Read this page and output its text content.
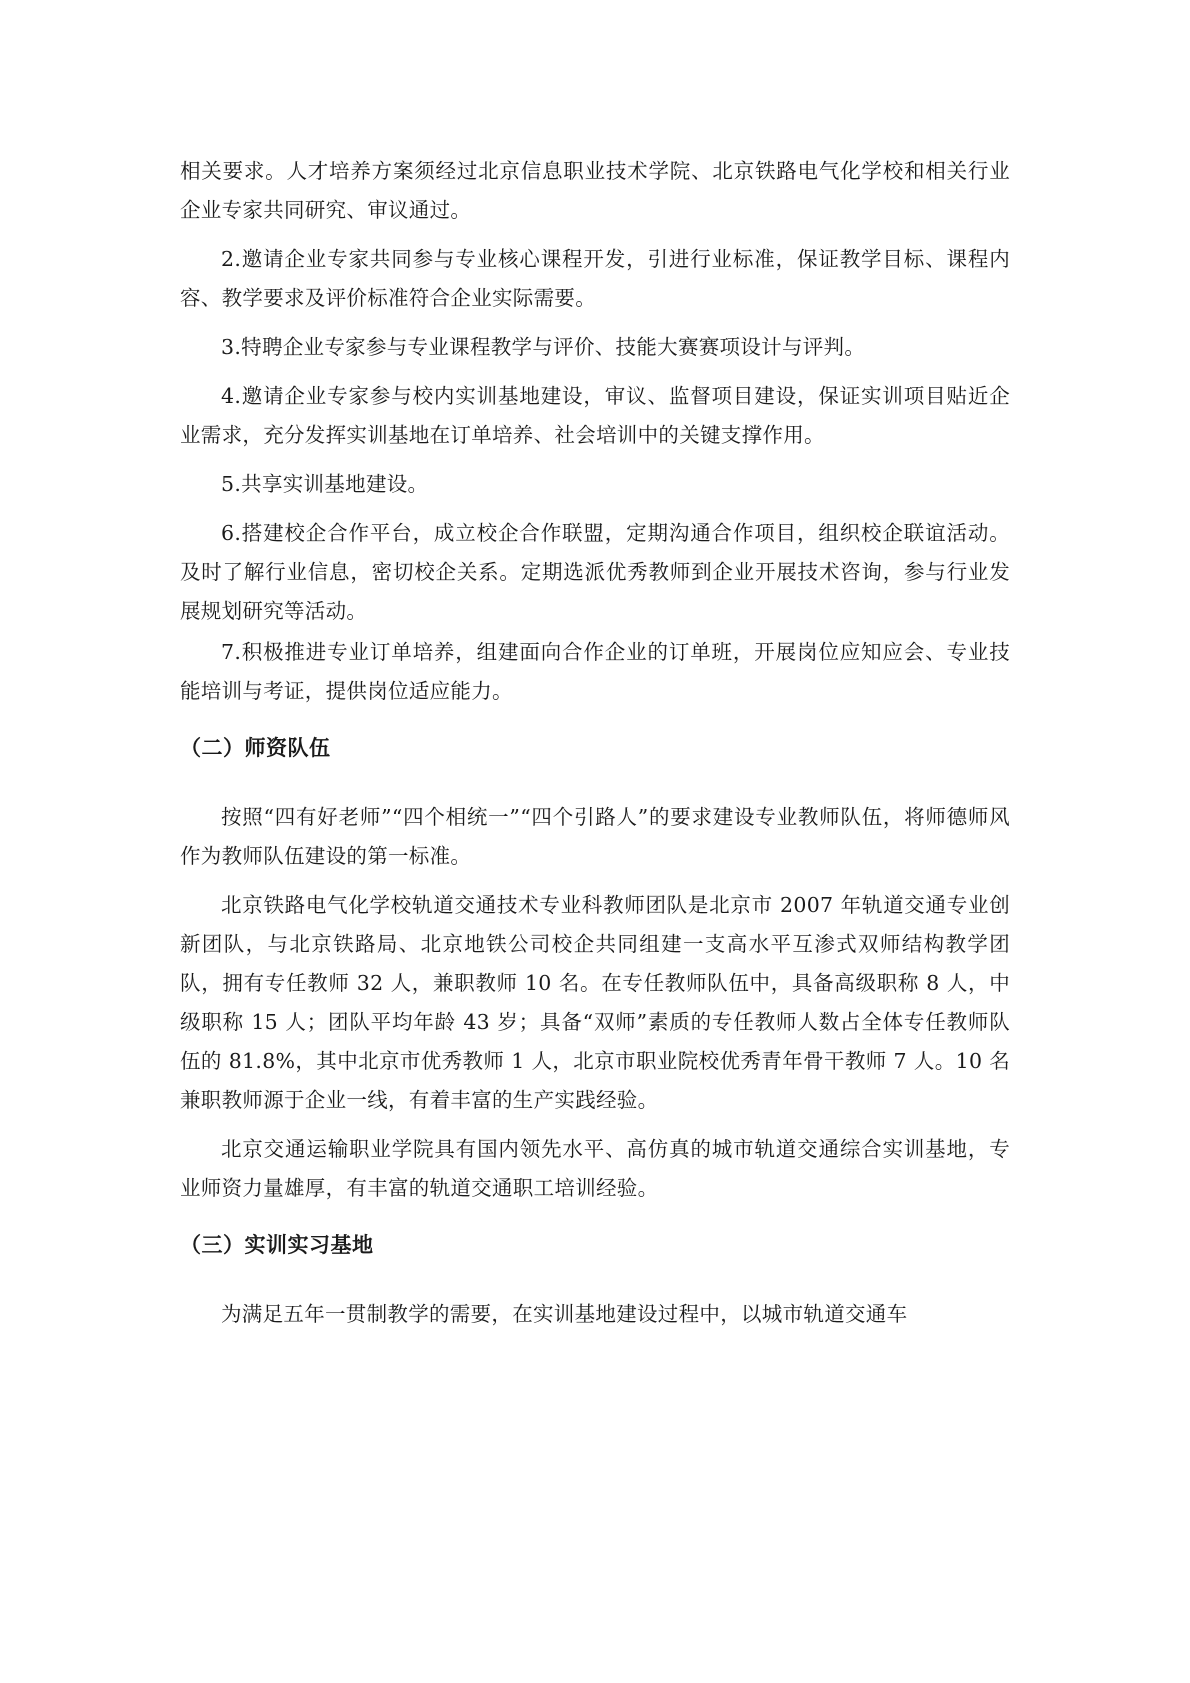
相关要求。人才培养方案须经过北京信息职业技术学院、北京铁路电气化学校和相关行业企业专家共同研究、审议通过。

2.邀请企业专家共同参与专业核心课程开发，引进行业标准，保证教学目标、课程内容、教学要求及评价标准符合企业实际需要。

3.特聘企业专家参与专业课程教学与评价、技能大赛赛项设计与评判。

4.邀请企业专家参与校内实训基地建设，审议、监督项目建设，保证实训项目贴近企业需求，充分发挥实训基地在订单培养、社会培训中的关键支撑作用。

5.共享实训基地建设。

6.搭建校企合作平台，成立校企合作联盟，定期沟通合作项目，组织校企联谊活动。及时了解行业信息，密切校企关系。定期选派优秀教师到企业开展技术咨询，参与行业发展规划研究等活动。

7.积极推进专业订单培养，组建面向合作企业的订单班，开展岗位应知应会、专业技能培训与考证，提供岗位适应能力。

（二）师资队伍

按照“四有好老师”“四个相统一”“四个引路人”的要求建设专业教师队伍，将师德师风作为教师队伍建设的第一标准。

北京铁路电气化学校轨道交通技术专业科教师团队是北京市 2007 年轨道交通专业创新团队，与北京铁路局、北京地铁公司校企共同组建一支高水平互渗式双师结构教学团队，拥有专任教师 32 人，兼职教师 10 名。在专任教师队伍中，具备高级职称 8 人，中级职称 15 人；团队平均年龄 43 岁；具备“双师”素质的专任教师人数占全体专任教师队伍的 81.8%，其中北京市优秀教师 1 人，北京市职业院校优秀青年骨干教师 7 人。10 名兼职教师源于企业一线，有着丰富的生产实践经验。

北京交通运输职业学院具有国内领先水平、高仿真的城市轨道交通综合实训基地，专业师资力量雄厚，有丰富的轨道交通职工培训经验。

（三）实训实习基地

为满足五年一贯制教学的需要，在实训基地建设过程中，以城市轨道交通车
